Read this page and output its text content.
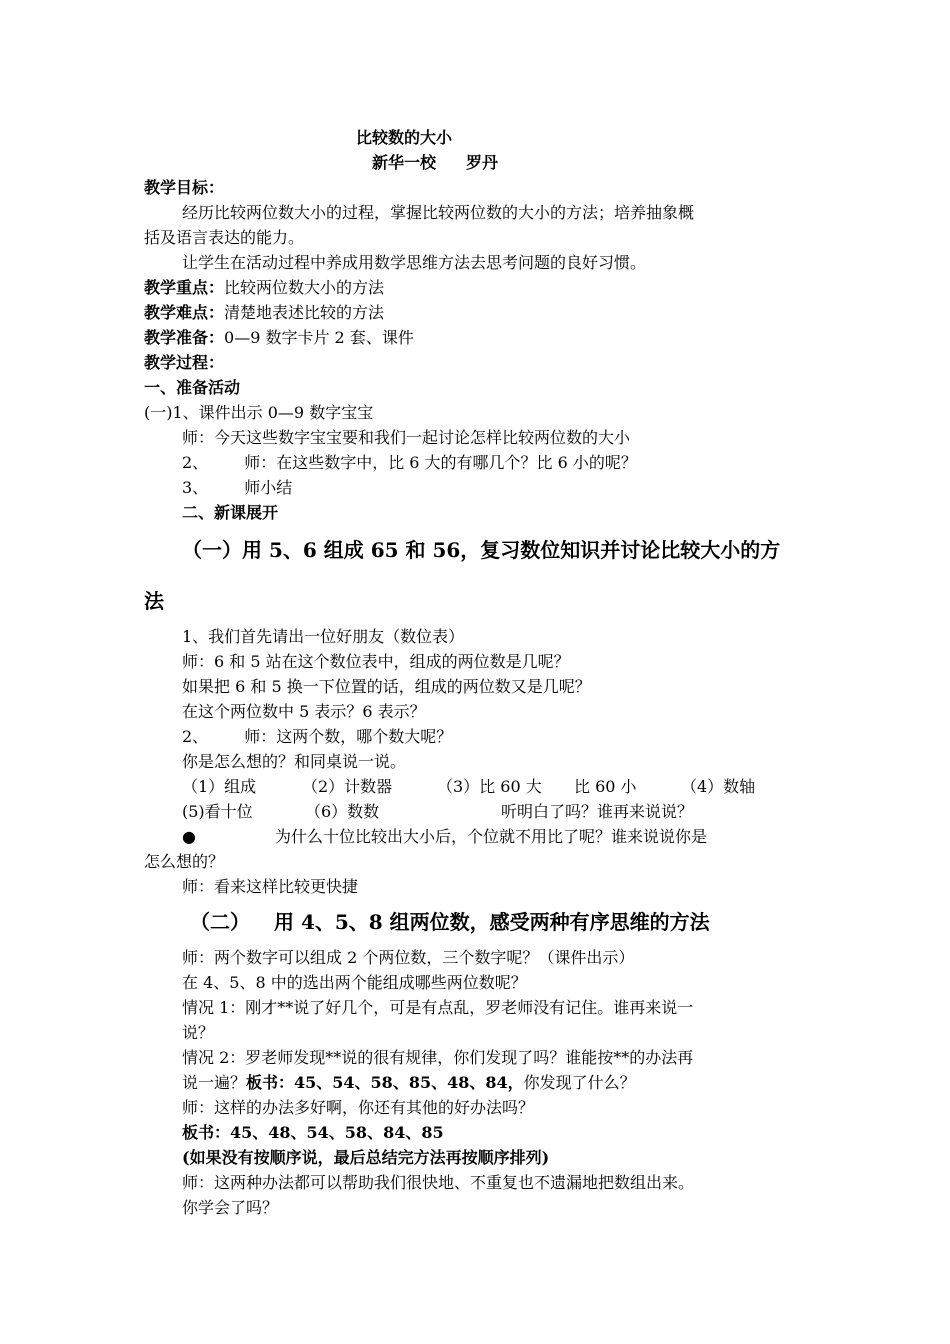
比较数的大小

新华一校 罗丹

教学目标：

经历比较两位数大小的过程，掌握比较两位数的大小的方法；培养抽象概

括及语言表达的能力。

让学生在活动过程中养成用数学思维方法去思考问题的良好习惯。

教学重点：比较两位数大小的方法

教学难点：清楚地表述比较的方法

教学准备：0—9 数字卡片 2 套、课件

教学过程：

一、准备活动

(一)1、课件出示 0—9 数字宝宝

师：今天这些数字宝宝要和我们一起讨论怎样比较两位数的大小

2、 师：在这些数字中，比 6 大的有哪几个？比 6 小的呢？

3、 师小结

二、新课展开

（一）用 5、6 组成 65 和 56，复习数位知识并讨论比较大小的方

法

1、我们首先请出一位好朋友（数位表）

师：6 和 5 站在这个数位表中，组成的两位数是几呢？

如果把 6 和 5 换一下位置的话，组成的两位数又是几呢？

在这个两位数中 5 表示？6 表示？

2、 师：这两个数，哪个数大呢？

你是怎么想的？和同桌说一说。

（1）组成	（2）计数器	（3）比 60 大 比 60 小	（4）数轴

(5)看十位	（6）数数	听明白了吗？谁再来说说？

●	为什么十位比较出大小后，个位就不用比了呢？谁来说说你是

怎么想的？

师：看来这样比较更快捷

（二） 用 4、5、8 组两位数，感受两种有序思维的方法

师：两个数字可以组成 2 个两位数，三个数字呢？（课件出示）

在 4、5、8 中的选出两个能组成哪些两位数呢？

情况 1：刚才**说了好几个，可是有点乱，罗老师没有记住。谁再来说一

说？

情况 2：罗老师发现**说的很有规律，你们发现了吗？谁能按**的办法再

说一遍？板书：45、54、58、85、48、84，你发现了什么？

师：这样的办法多好啊，你还有其他的好办法吗？

板书：45、48、54、58、84、85

(如果没有按顺序说，最后总结完方法再按顺序排列)

师：这两种办法都可以帮助我们很快地、不重复也不遗漏地把数组出来。

你学会了吗？
